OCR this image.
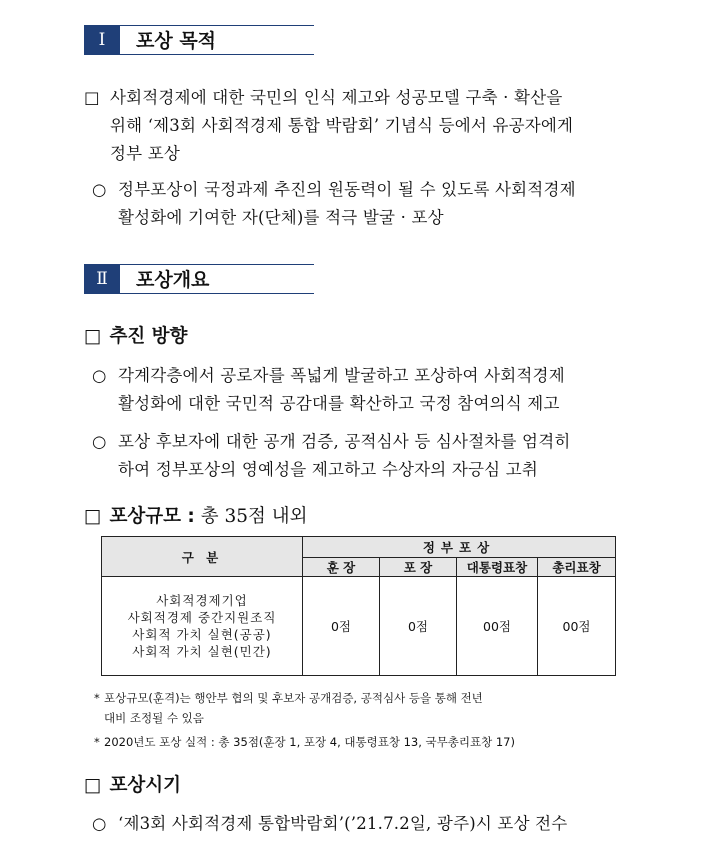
Ⅰ	포상 목적
□ 사회적경제에 대한 국민의 인식 제고와 성공모델 구축 · 확산을
위해 ‘제3회 사회적경제 통합 박람회’ 기념식 등에서 유공자에게
정부 포상
○ 정부포상이 국정과제 추진의 원동력이 될 수 있도록 사회적경제
활성화에 기여한 자(단체)를 적극 발굴 · 포상
Ⅱ	포상개요
□ 추진 방향
○ 각계각층에서 공로자를 폭넓게 발굴하고 포상하여 사회적경제
활성화에 대한 국민적 공감대를 확산하고 국정 참여의식 제고
○ 포상 후보자에 대한 공개 검증, 공적심사 등 심사절차를 엄격히
하여 정부포상의 영예성을 제고하고 수상자의 자긍심 고취
□ 포상규모 : 총 35점 내외
구 분	정부포상			
	훈 장	포 장	대통령표창	총리표창

사회적경제기업
사회적경제 중간지원조직
사회적 가치 실현(공공)
사회적 가치 실현(민간)	0점	0점	00점	00점
* 포상규모(훈격)는 행안부 협의 및 후보자 공개검증, 공적심사 등을 통해 전년
대비 조정될 수 있음
* 2020년도 포상 실적 : 총 35점(훈장 1, 포장 4, 대통령표창 13, 국무총리표창 17)
□ 포상시기
○ ‘제3회 사회적경제 통합박람회’(’21.7.2일, 광주)시 포상 전수
